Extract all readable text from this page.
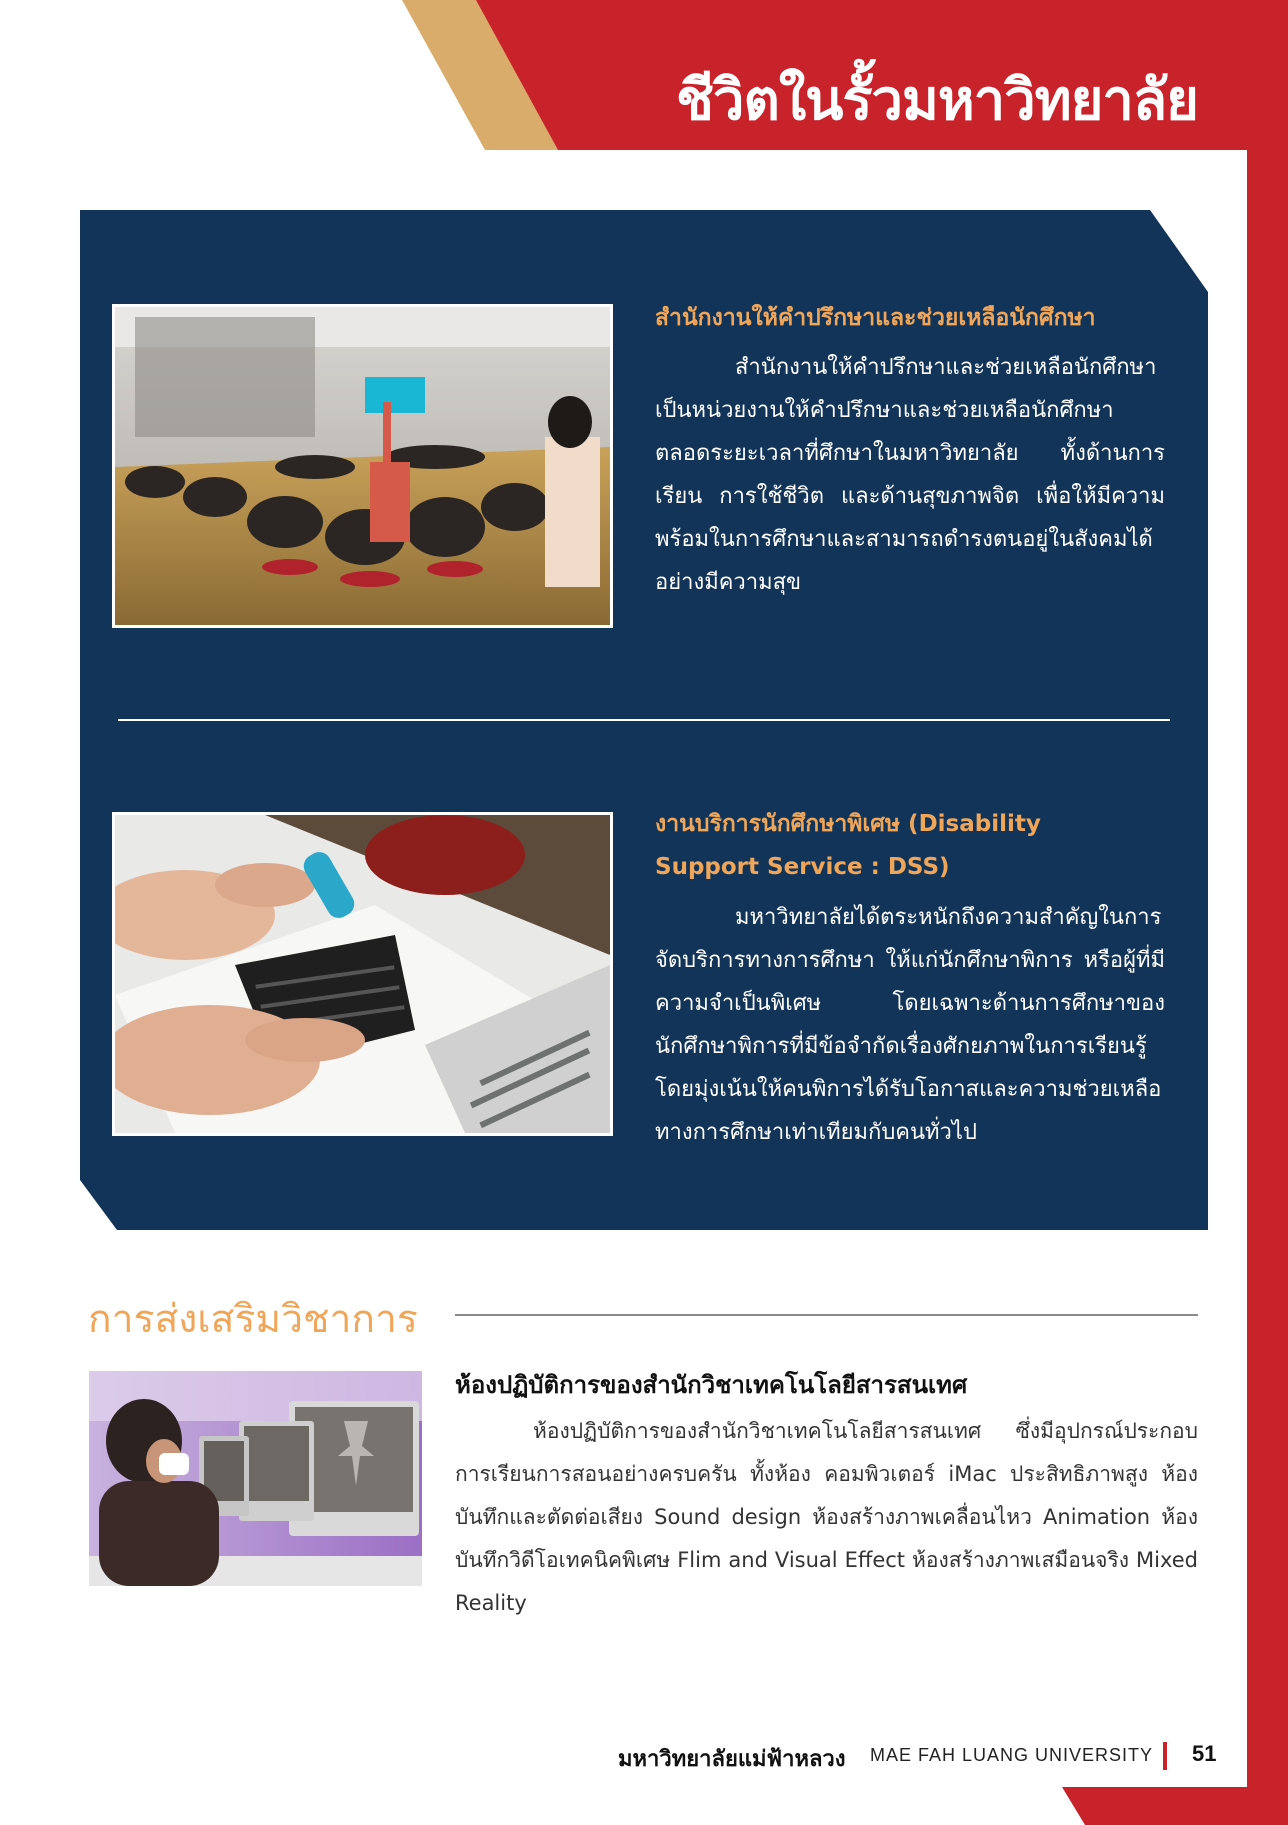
ชีวิตในรั้วมหาวิทยาลัย
สำนักงานให้คำปรึกษาและช่วยเหลือนักศึกษา
สำนักงานให้คำปรึกษาและช่วยเหลือนักศึกษา เป็นหน่วยงานให้คำปรึกษาและช่วยเหลือนักศึกษา ตลอดระยะเวลาที่ศึกษาในมหาวิทยาลัย ทั้งด้านการเรียน การใช้ชีวิต และด้านสุขภาพจิต เพื่อให้มีความพร้อมในการศึกษาและสามารถดำรงตนอยู่ในสังคมได้อย่างมีความสุข
งานบริการนักศึกษาพิเศษ (Disability
Support Service : DSS)
มหาวิทยาลัยได้ตระหนักถึงความสำคัญในการจัดบริการทางการศึกษา ให้แก่นักศึกษาพิการ หรือผู้ที่มีความจำเป็นพิเศษ โดยเฉพาะด้านการศึกษาของนักศึกษาพิการที่มีข้อจำกัดเรื่องศักยภาพในการเรียนรู้ โดยมุ่งเน้นให้คนพิการได้รับโอกาสและความช่วยเหลือทางการศึกษาเท่าเทียมกับคนทั่วไป
การส่งเสริมวิชาการ
ห้องปฏิบัติการของสำนักวิชาเทคโนโลยีสารสนเทศ
ห้องปฏิบัติการของสำนักวิชาเทคโนโลยีสารสนเทศ ซึ่งมีอุปกรณ์ประกอบการเรียนการสอนอย่างครบครัน ทั้งห้อง คอมพิวเตอร์ iMac ประสิทธิภาพสูง ห้องบันทึกและตัดต่อเสียง Sound design ห้องสร้างภาพเคลื่อนไหว Animation ห้องบันทึกวิดีโอเทคนิคพิเศษ Flim and Visual Effect ห้องสร้างภาพเสมือนจริง Mixed Reality
มหาวิทยาลัยแม่ฟ้าหลวง MAE FAH LUANG UNIVERSITY 51
